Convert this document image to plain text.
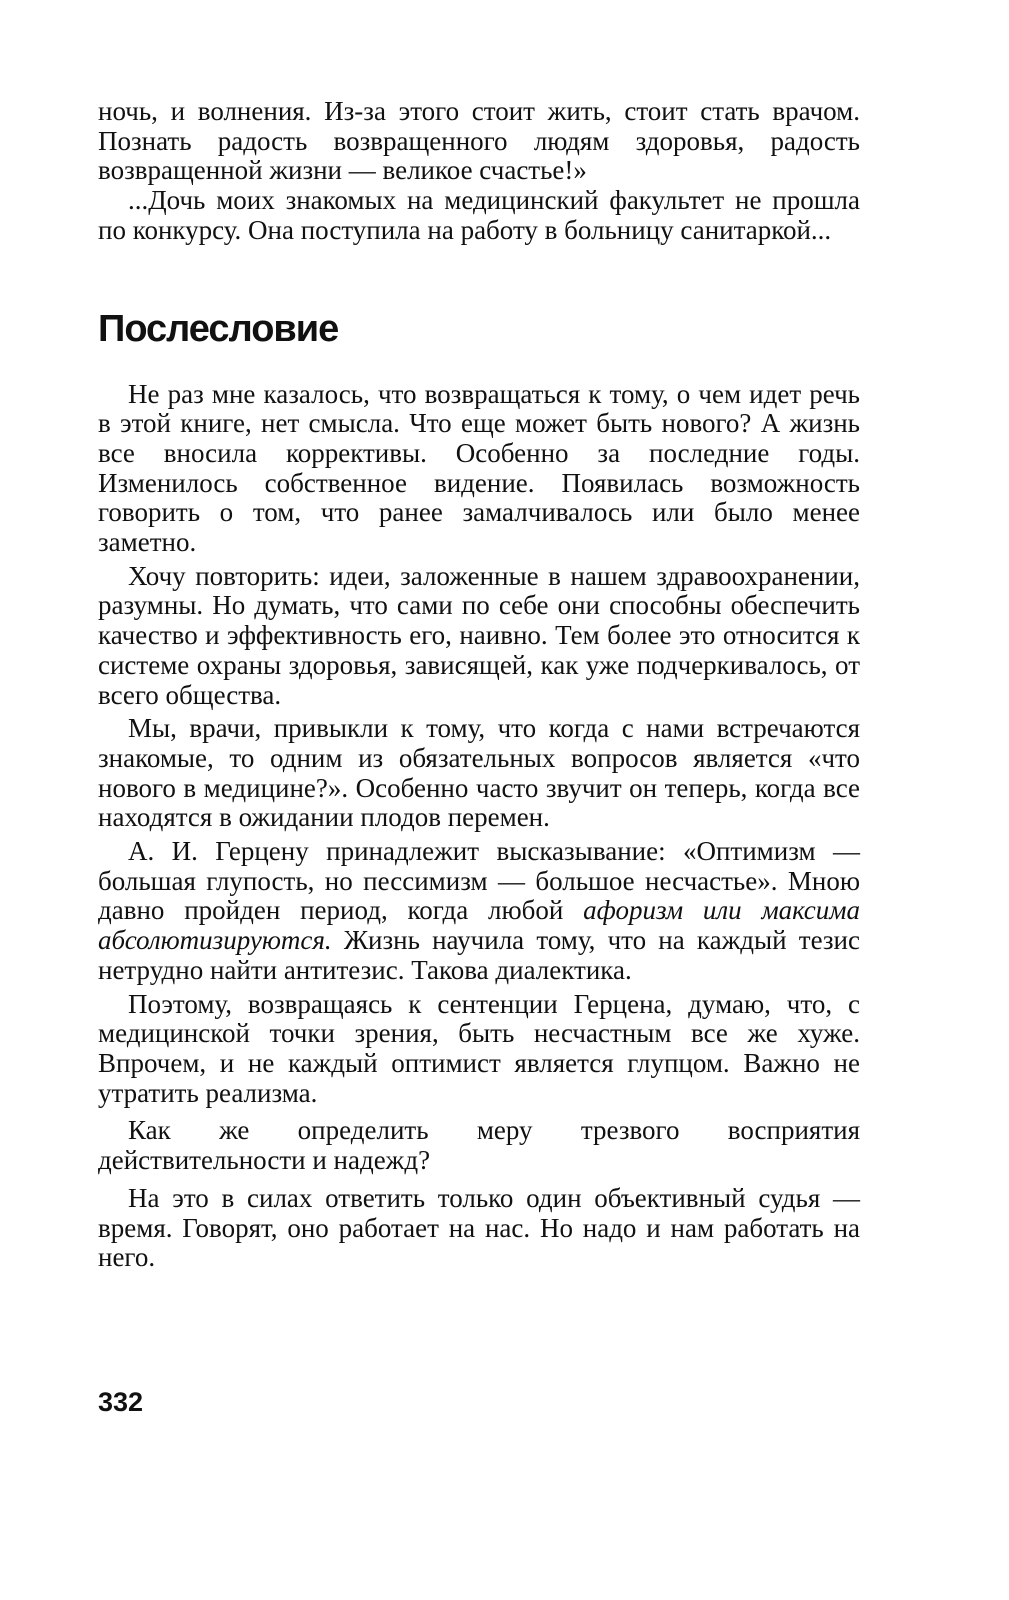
ночь, и волнения. Из-за этого стоит жить, стоит стать врачом. Познать радость возвращенного людям здоровья, радость возвращенной жизни — великое счастье!»

...Дочь моих знакомых на медицинский факультет не прошла по конкурсу. Она поступила на работу в больницу санитаркой...

Послесловие

Не раз мне казалось, что возвращаться к тому, о чем идет речь в этой книге, нет смысла. Что еще может быть нового? А жизнь все вносила коррективы. Особенно за последние годы. Изменилось собственное видение. Появилась возможность говорить о том, что ранее замалчивалось или было менее заметно.

Хочу повторить: идеи, заложенные в нашем здравоохранении, разумны. Но думать, что сами по себе они способны обеспечить качество и эффективность его, наивно. Тем более это относится к системе охраны здоровья, зависящей, как уже подчеркивалось, от всего общества.

Мы, врачи, привыкли к тому, что когда с нами встречаются знакомые, то одним из обязательных вопросов является «что нового в медицине?». Особенно часто звучит он теперь, когда все находятся в ожидании плодов перемен.

А. И. Герцену принадлежит высказывание: «Оптимизм — большая глупость, но пессимизм — большое несчастье». Мною давно пройден период, когда любой афоризм или максима абсолютизируются. Жизнь научила тому, что на каждый тезис нетрудно найти антитезис. Такова диалектика.

Поэтому, возвращаясь к сентенции Герцена, думаю, что, с медицинской точки зрения, быть несчастным все же хуже. Впрочем, и не каждый оптимист является глупцом. Важно не утратить реализма.

Как же определить меру трезвого восприятия действительности и надежд?

На это в силах ответить только один объективный судья — время. Говорят, оно работает на нас. Но надо и нам работать на него.

332
